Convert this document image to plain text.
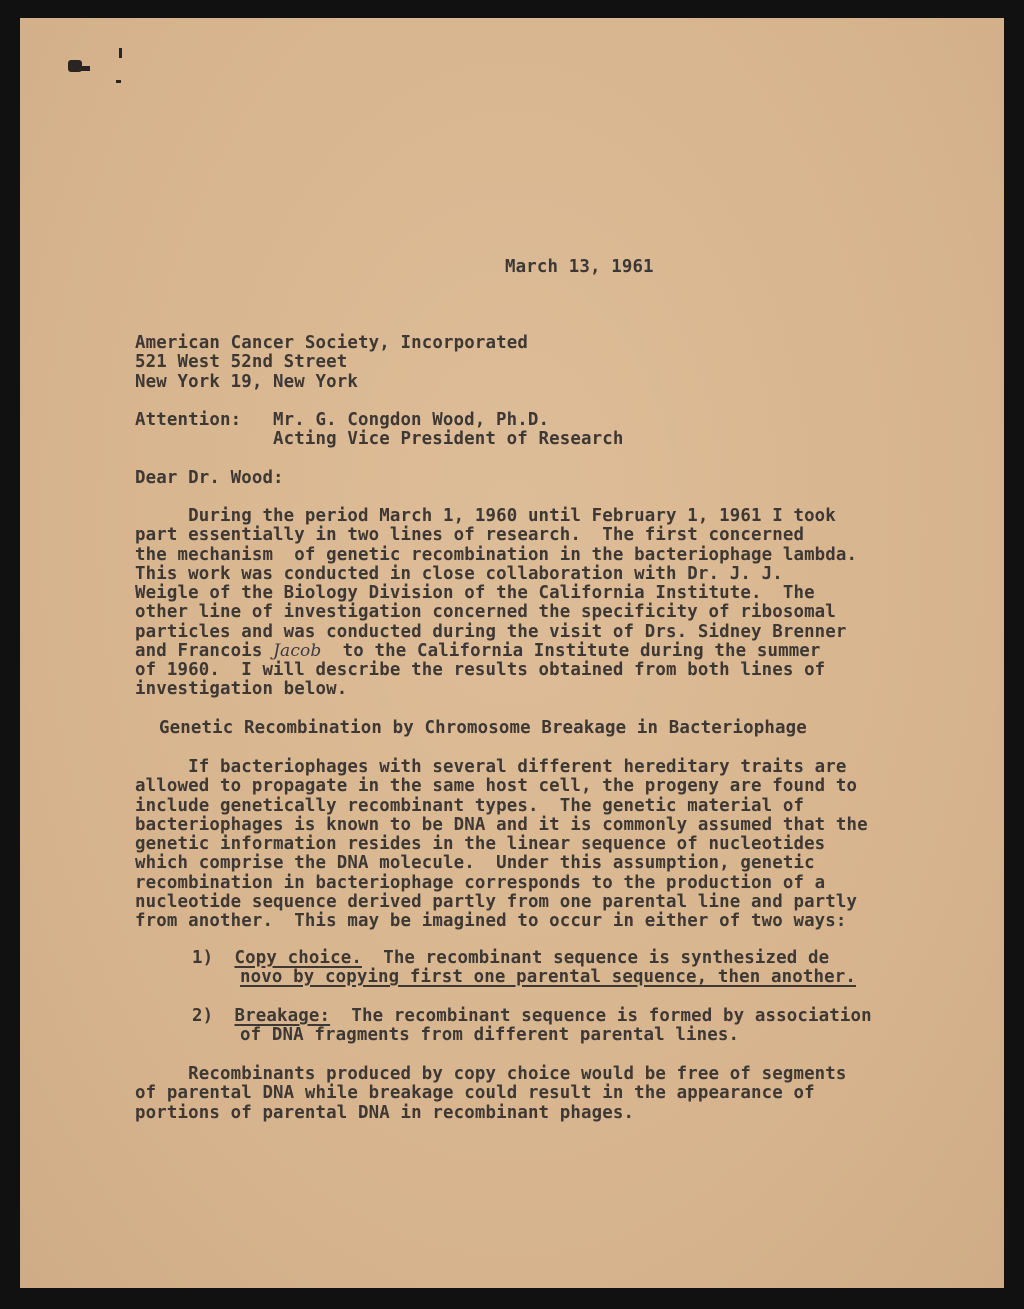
March 13, 1961
American Cancer Society, Incorporated
521 West 52nd Street
New York 19, New York
Attention: Mr. G. Congdon Wood, Ph.D.
Acting Vice President of Research
Dear Dr. Wood:
During the period March 1, 1960 until February 1, 1961 I took
part essentially in two lines of research.  The first concerned
the mechanism  of genetic recombination in the bacteriophage lambda.
This work was conducted in close collaboration with Dr. J. J.
Weigle of the Biology Division of the California Institute.  The
other line of investigation concerned the specificity of ribosomal
particles and was conducted during the visit of Drs. Sidney Brenner
and Francois Jacob  to the California Institute during the summer
of 1960.  I will describe the results obtained from both lines of
investigation below.
Genetic Recombination by Chromosome Breakage in Bacteriophage
If bacteriophages with several different hereditary traits are
allowed to propagate in the same host cell, the progeny are found to
include genetically recombinant types.  The genetic material of
bacteriophages is known to be DNA and it is commonly assumed that the
genetic information resides in the linear sequence of nucleotides
which comprise the DNA molecule.  Under this assumption, genetic
recombination in bacteriophage corresponds to the production of a
nucleotide sequence derived partly from one parental line and partly
from another.  This may be imagined to occur in either of two ways:
1) Copy choice.  The recombinant sequence is synthesized de
novo by copying first one parental sequence, then another.
2) Breakage:  The recombinant sequence is formed by association
of DNA fragments from different parental lines.
Recombinants produced by copy choice would be free of segments
of parental DNA while breakage could result in the appearance of
portions of parental DNA in recombinant phages.
